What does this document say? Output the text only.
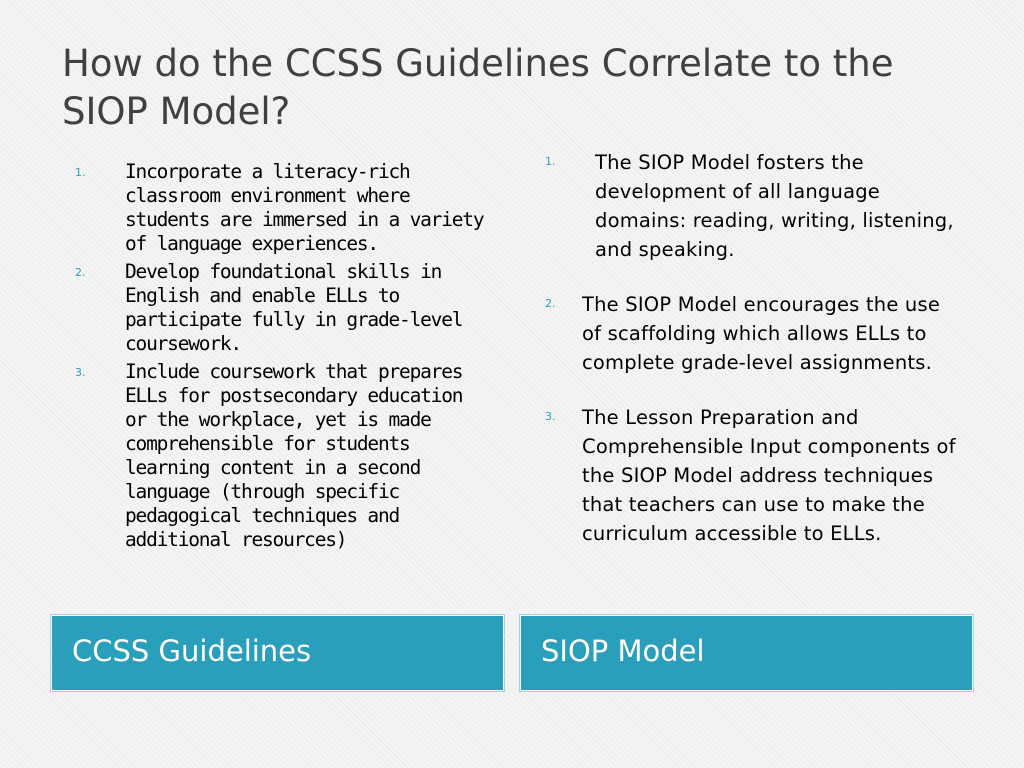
How do the CCSS Guidelines Correlate to the SIOP Model?
1. Incorporate a literacy-rich classroom environment where students are immersed in a variety of language experiences.
2. Develop foundational skills in English and enable ELLs to participate fully in grade-level coursework.
3. Include coursework that prepares ELLs for postsecondary education or the workplace, yet is made comprehensible for students learning content in a second language (through specific pedagogical techniques and additional resources)
1. The SIOP Model fosters the development of all language domains: reading, writing, listening, and speaking.
2. The SIOP Model encourages the use of scaffolding which allows ELLs to complete grade-level assignments.
3. The Lesson Preparation and Comprehensible Input components of the SIOP Model address techniques that teachers can use to make the curriculum accessible to ELLs.
CCSS Guidelines	SIOP Model
